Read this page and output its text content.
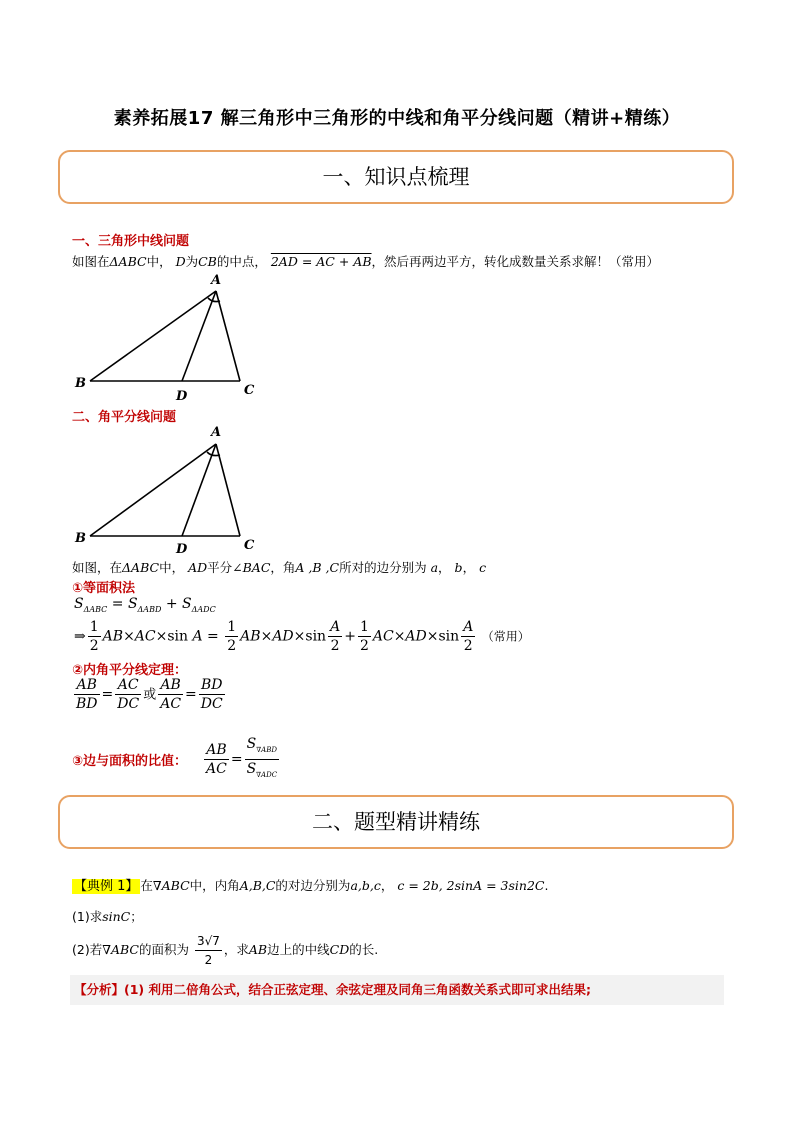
素养拓展17 解三角形中三角形的中线和角平分线问题（精讲+精练）
一、知识点梳理
一、三角形中线问题
如图在ΔABC中， D为CB的中点， 2AD = AC + AB，然后再两边平方，转化成数量关系求解！（常用）
A
B	C
D
二、角平分线问题
A
B	C
D
如图，在ΔABC中， AD平分∠BAC，角A ,B ,C所对的边分别为 a， b， c
①等面积法
$S_{\Delta ABC} = S_{\Delta ABD} + S_{\Delta ADC}$
⇒ $\frac{1}{2} AB\times AC\times\sin$ $A = \frac{1}{2} AB\times AD\times\sin \frac{A}{2} + \frac{1}{2} AC\times AD\times\sin \frac{A}{2}$ （常用）
②内角平分线定理：
$\frac{AB}{BD} = \frac{AC}{DC}$ 或 $\frac{AB}{AC} = \frac{BD}{DC}$
③边与面积的比值： $\frac{AB}{AC} = \frac{S_{\nabla ABD}}{S_{\nabla ADC}}$
二、题型精讲精练
【典例 1】 在∇ABC中，内角A,B,C的对边分别为a,b,c， c = 2b, 2sinA = 3sin2C.
(1)求sinC；
(2)若∇ABC的面积为 $\frac{3√7}{2}$ ，求AB边上的中线CD的长.
【分析】(1) 利用二倍角公式，结合正弦定理、余弦定理及同角三角函数关系式即可求出结果;
